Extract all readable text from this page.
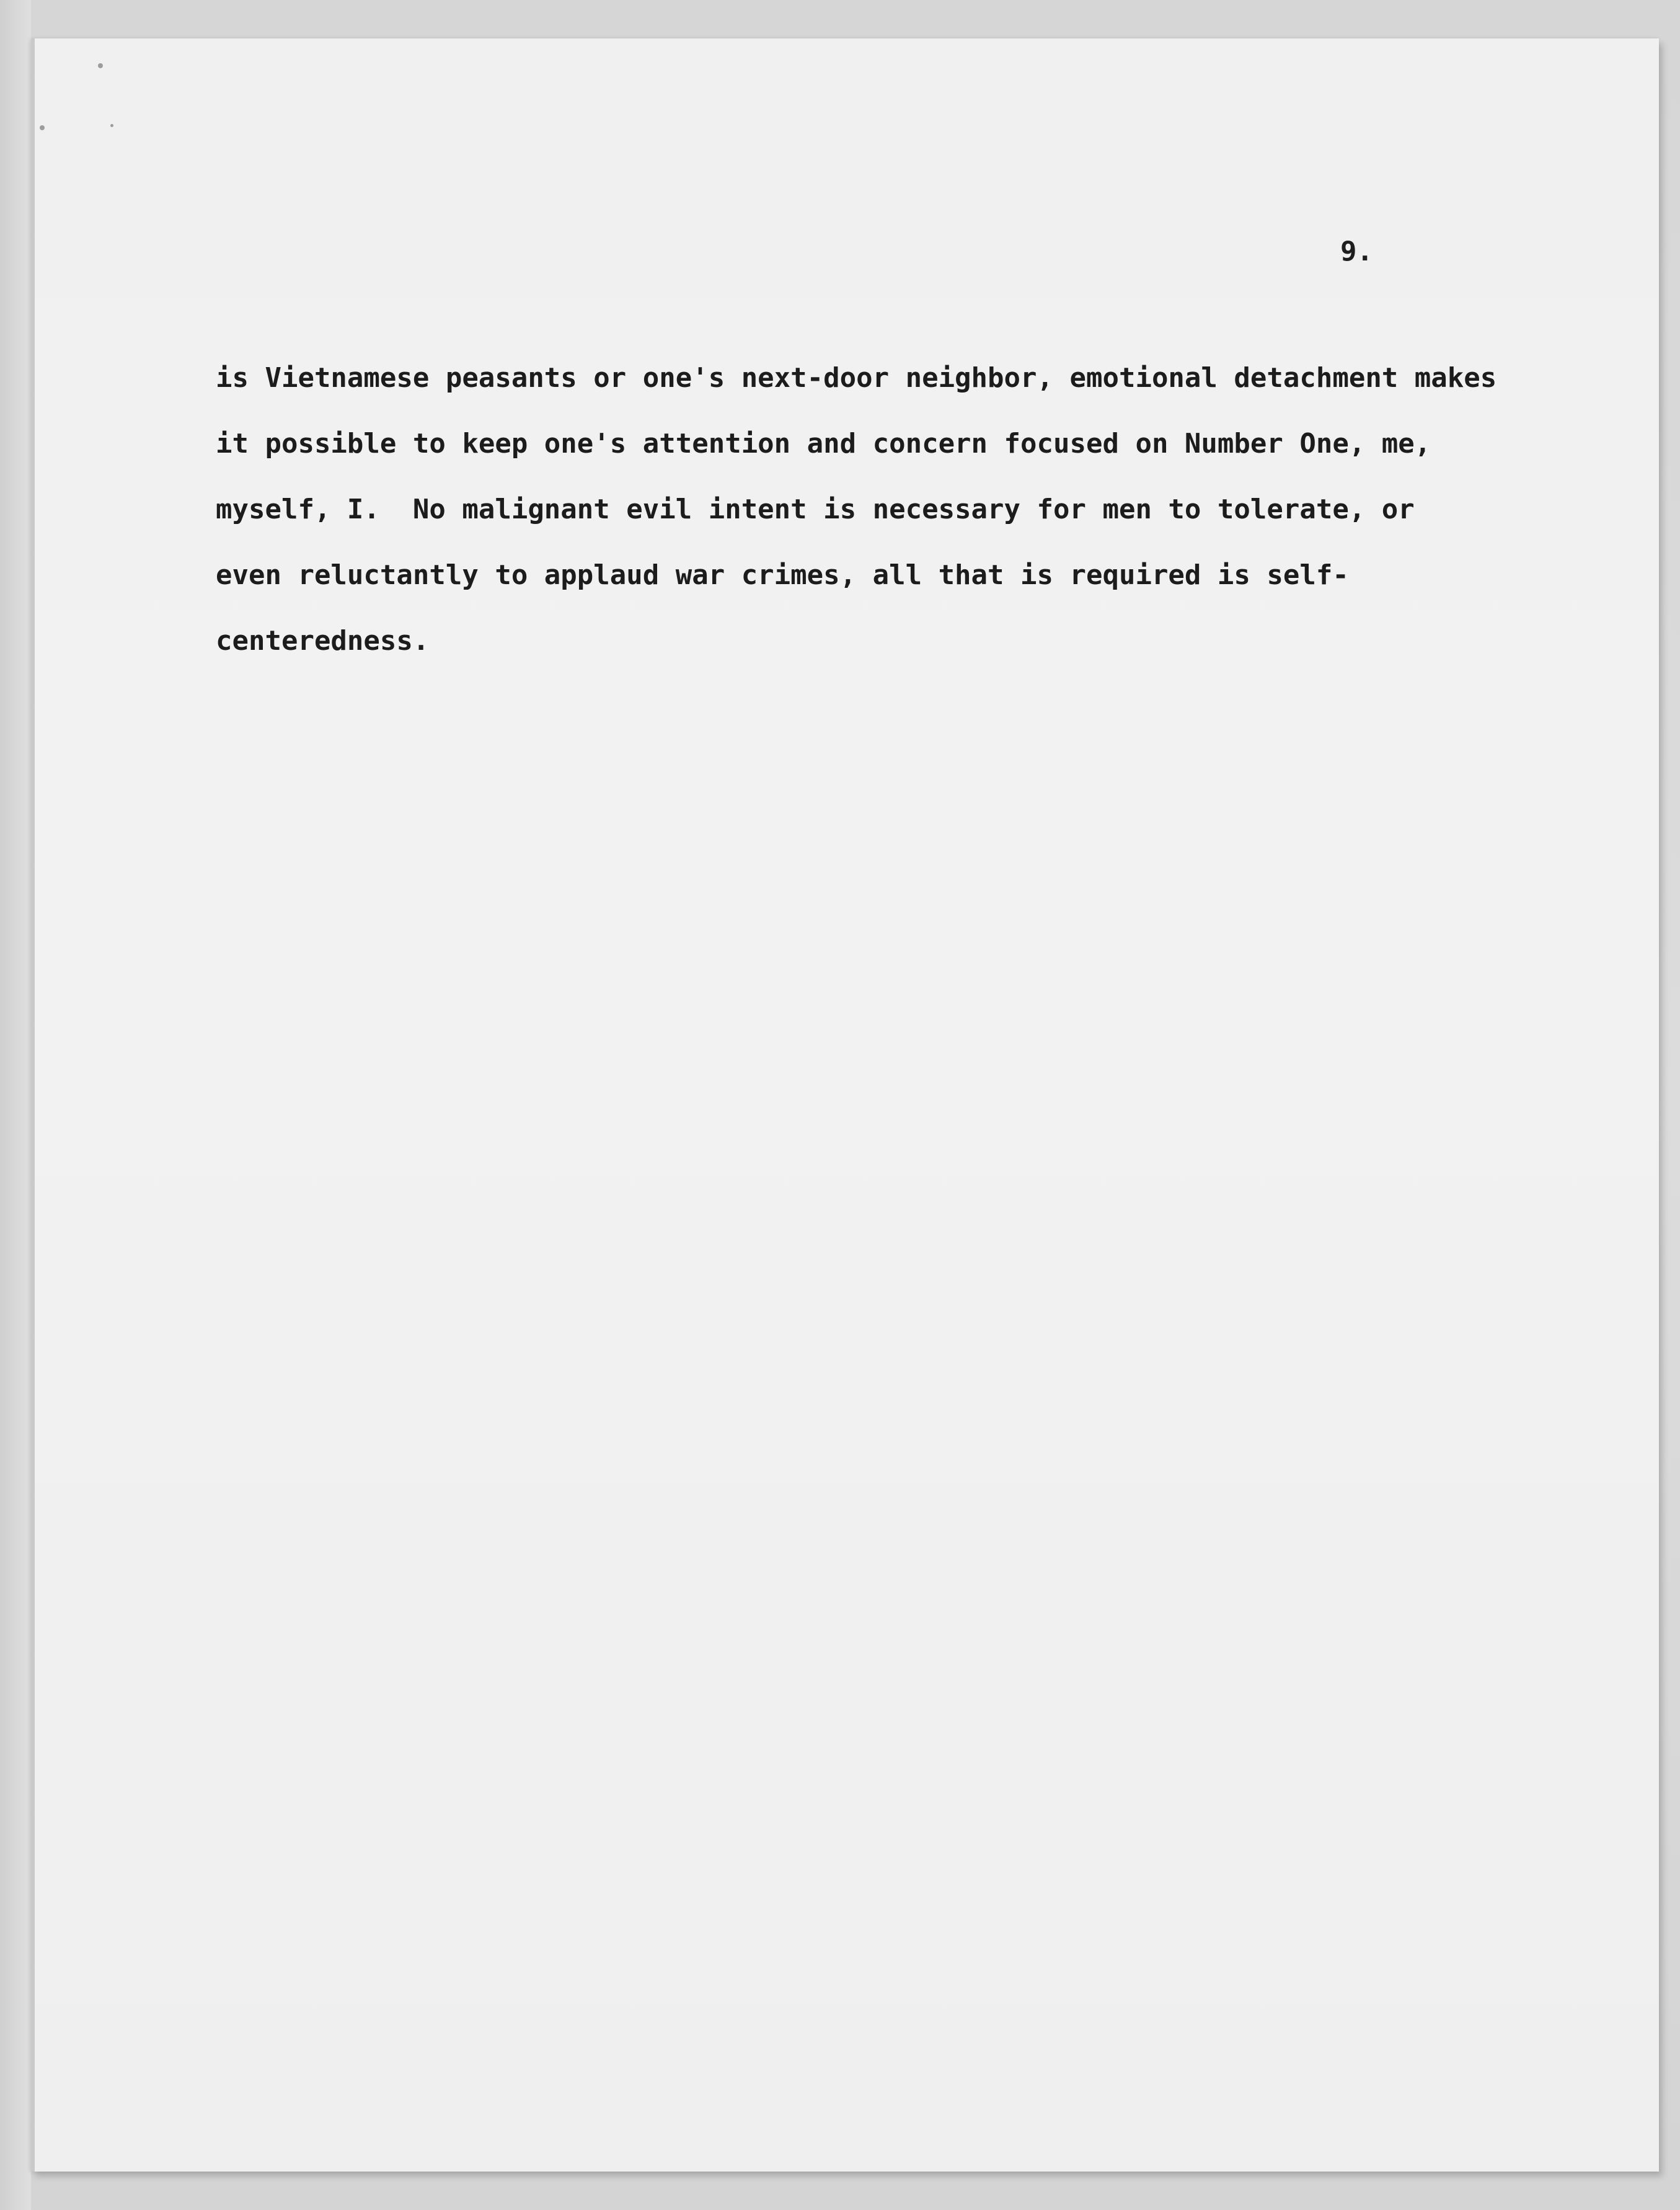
9.

is Vietnamese peasants or one's next-door neighbor, emotional detachment makes
it possible to keep one's attention and concern focused on Number One, me,
myself, I.  No malignant evil intent is necessary for men to tolerate, or
even reluctantly to applaud war crimes, all that is required is self-
centeredness.
